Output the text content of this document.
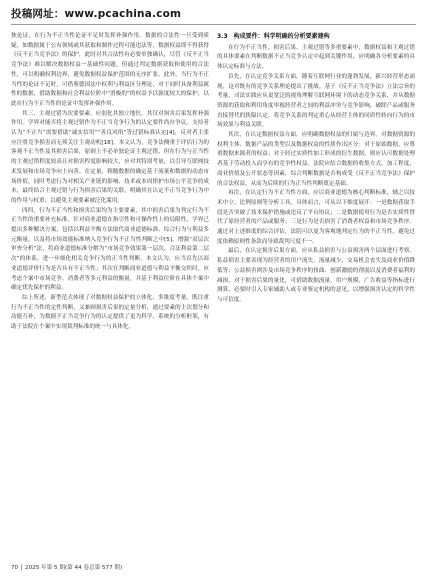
投稿网址：www.pcachina.com

独论证，在行为不正当性论证不足时发挥补强作用。数据的合法性一旦受到质疑，如数据属于公有领域或其获取和制作过程可能违法等，数据权益即不得获得《反不正当竞争法》的保护，此时对其合法性有必要单独确认，尽管《反不正当竞争法》难以解决数据权益一基础性问题，但通过判定数据获取和使用的合法性，可以明确权利边界，避免数据权益保护范围的无序扩张。此外，当行为不正当性的论证不足时，可借鉴德国法中权利与利益区分理论，对于同时具备利益属性的数据，借助数据和社会利益位阶中“消极的”的权益予以强度较大的保护，以此在行为不正当性的论证中发挥补强作用。

其三，主观过错为次要要素，应弱化其独立地位，其仅对损害后果发挥补强作用。学界对能否将主观过错作为不正当竞争行为的认定要件尚存争议，支持者认为“不正当”需要借助“诚实信用”“善良风俗”等过错标准认定[4]，反对者主张应注重竞争损害而无须关注主观动机[18]。本文认为，竞争法侧重于评估行为的客观不正当性及其损害后果，原则上不必单独论证主观过错，但在行为与正当性的主观过错程度较高且对损害程度影响较大，应对其特别考量，以引导互联网技术发展和市场竞争向上向善。在定量、粗糙数据的确定基于流量和数据的动态市场价值，同时考虑行为对相关产业链的影响、技术或本周律护市场公平竞争的成本，最终结合主观过错与行为损害后果的关联，明确其在认定不正当竞争行为中的作用与权重，以避免主观要素被泛化滥用。

四四，行为不正当性和损害后果均为主要要素，其中损害后果为判定行为不正当性的重要补充标准。针对商业道德在指引性和可操作性上的局限性，学界已提出多种解决方案，包括以利益平衡方法取代商业道德标准、综合行为与利益多元衡量，以及将市场效能标准纳入竞争行为不正当性判断之中[5]、增强“双层次审查分析”法，将商业道德标准分解为“市场竞争效果第一层次，合法利益第二层次”的体系，进一步细化相关竞争行为的正当性判断。本文认为，应当首先以商业道德评价行为是否具有不正当性；其次在判断商业道德与利益平衡交织时，应考虑个案中市场竞争、消费者等多元利益的衡量，并基于利益位阶在具体个案中确定优先保护的利益。

综上所述，新型范式体现了对数据权益保护的立体化、多维度考量，既注重行为不正当性的定性判断，又兼顾损害后果的定量分析，通过要素的主次划分和功能互补，为数据不正当竞争行为的认定提供了更为科学、系统的分析框架，有助于法院在个案中实现裁判标准的统一与具体化。

3.3　构成要件：科学明确的分析要素建构

在行为不正当性、损害后果、主观过错等多重要素中，数据权益和主观过错的具体要素在判断数据不正当竞争认定中起到关键作用，应明确各分析要素的具体认定标准与方法。

首先，在认定竞争关系方面，随着互联网行业的蓬勃发展，新兴经营形态涌现，这对既有的竞争关系理论提出了挑战。基于《反不正当竞争法》立法宗旨的考量，司法实践应从更宽泛的视角理解互联网环境下的动态竞争关系，并从数据资源的获取和利用角度审视经营者之间的利益冲突与竞争影响，破除产品或服务直接替代的狭隘认定，将竞争关系的判定重心从经营主体的同质性转向行为的市场效果与利益关联。

其次，在认定数据权益方面，应明确数据权益的归属与边界。对数据资源的权利主体、数据产品的类型以及数据权益的性质作出区分：对于原始数据，应尊重数据来源者的权益；对于经过实质性加工形成的衍生数据，则应认可数据处理者基于劳动投入而享有的竞争性权益。法院应结合数据的收集方式、加工程度、商业价值及公开状态等因素，综合判断数据是否构成受《反不正当竞争法》保护的合法权益，从而为后续的行为正当性判断奠定基础。

再次，在认定行为不正当性方面，应以商业道德为核心判断标准，辅之以技术中立、比例原则等分析工具。具体而言，可从以下维度展开：一是数据获取手段是否突破了技术保护措施或违反了平台协议；二是数据使用行为是否实质性替代了原经营者的产品或服务；三是行为是否损害了消费者权益和市场竞争秩序。通过对上述维度的综合评估，法院可以更为客观地判定行为的不正当性，避免过度依赖原则性条款而导致裁判尺度不一。

最后，在认定损害后果方面，应从私益损害与公益损害两个层面进行考察。私益损害主要表现为经营者的用户流失、流量减少、交易机会丧失及商业价值降低等；公益损害则涉及市场竞争秩序的扭曲、创新激励的削弱以及消费者福利的减损。对于损害后果的量化，可借助数据流量、用户规模、广告收益等指标进行测算，必要时引入专家辅助人或专业鉴定机构的意见，以增强损害认定的科学性与可信度。

70 │ 2025 年第 5 期(第 44 卷总第 577 期)
